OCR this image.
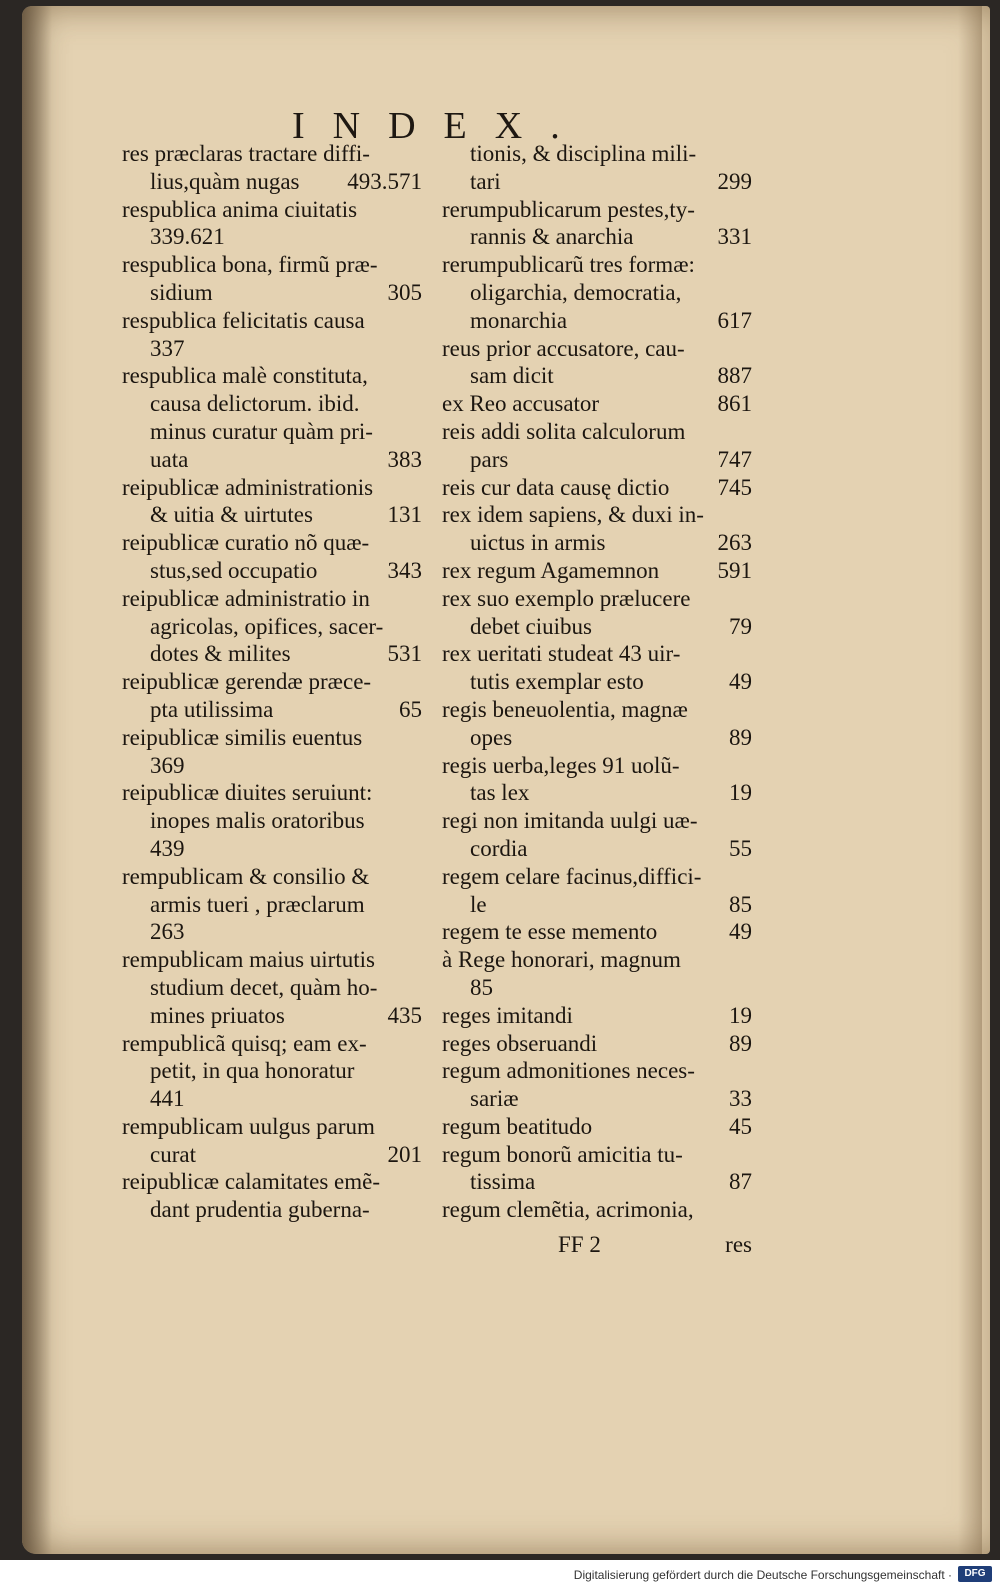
INDEX.
res præclaras tractare diffi-
lius,quàm nugas 493.571
respublica anima ciuitatis
339.621
respublica bona, firmũ præ-
sidium	305
respublica felicitatis causa
337
respublica malè constituta,
causa delictorum. ibid.
minus curatur quàm pri-
uata	383
reipublicæ administrationis
& uitia & uirtutes	131
reipublicæ curatio nõ quæ-
stus,sed occupatio	343
reipublicæ administratio in
agricolas, opifices, sacer-
dotes & milites	531
reipublicæ gerendæ præce-
pta utilissima	65
reipublicæ similis euentus
369
reipublicæ diuites seruiunt:
inopes malis oratoribus
439
rempublicam & consilio &
armis tueri , præclarum
263
rempublicam maius uirtutis
studium decet, quàm ho-
mines priuatos	435
rempublicã quisq; eam ex-
petit, in qua honoratur
441
rempublicam uulgus parum
curat	201
reipublicæ calamitates emẽ-
dant prudentia guberna-
tionis, & disciplina mili-
tari	299
rerumpublicarum pestes,ty-
rannis & anarchia	331
rerumpublicarũ tres formæ:
oligarchia, democratia,
monarchia	617
reus prior accusatore, cau-
sam dicit	887
ex Reo accusator	861
reis addi solita calculorum
pars	747
reis cur data causę dictio 745
rex idem sapiens, & duxi in-
uictus in armis	263
rex regum Agamemnon	591
rex suo exemplo prælucere
debet ciuibus	79
rex ueritati studeat 43 uir-
tutis exemplar esto	49
regis beneuolentia, magnæ
opes	89
regis uerba,leges 91 uolũ-
tas lex	19
regi non imitanda uulgi uæ-
cordia	55
regem celare facinus,diffici-
le	85
regem te esse memento	49
à Rege honorari, magnum
85
reges imitandi	19
reges obseruandi	89
regum admonitiones neces-
sariæ	33
regum beatitudo	45
regum bonorũ amicitia tu-
tissima	87
regum clemẽtia, acrimonia,
FF 2	res
Digitalisierung gefördert durch die Deutsche Forschungsgemeinschaft ·	DFG
